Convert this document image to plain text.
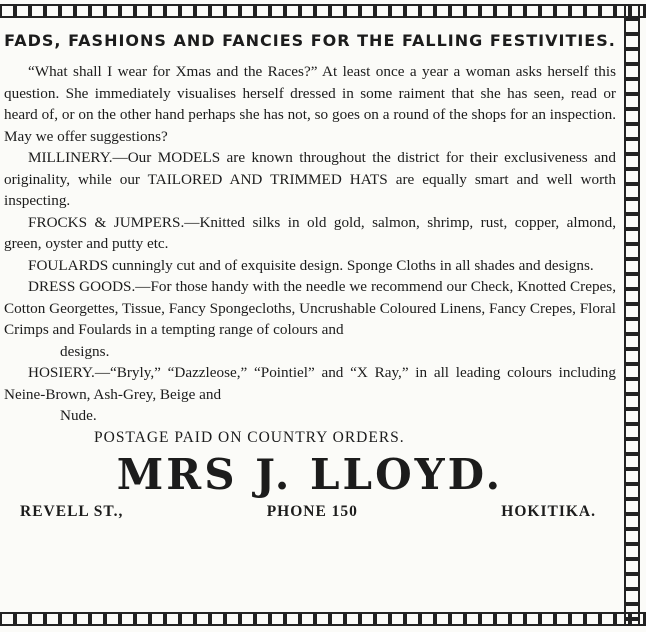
FADS, FASHIONS AND FANCIES FOR THE FALLING FESTIVITIES.

“What shall I wear for Xmas and the Races?” At least once a year a woman asks herself this question. She immediately visualises herself dressed in some raiment that she has seen, read or heard of, or on the other hand perhaps she has not, so goes on a round of the shops for an inspection. May we offer suggestions?

MILLINERY.—Our MODELS are known throughout the district for their exclusiveness and originality, while our TAILORED AND TRIMMED HATS are equally smart and well worth inspecting.

FROCKS & JUMPERS.—Knitted silks in old gold, salmon, shrimp, rust, copper, almond, green, oyster and putty etc.

FOULARDS cunningly cut and of exquisite design. Sponge Cloths in all shades and designs.

DRESS GOODS.—For those handy with the needle we recommend our Check, Knotted Crepes, Cotton Georgettes, Tissue, Fancy Spongecloths, Uncrushable Coloured Linens, Fancy Crepes, Floral Crimps and Foulards in a tempting range of colours and

designs.

HOSIERY.—“Bryly,” “Dazzleose,” “Pointiel” and “X Ray,” in all leading colours including Neine-Brown, Ash-Grey, Beige and

Nude.

POSTAGE PAID ON COUNTRY ORDERS.
MRS J. LLOYD.
REVELL ST.,	PHONE 150	HOKITIKA.
